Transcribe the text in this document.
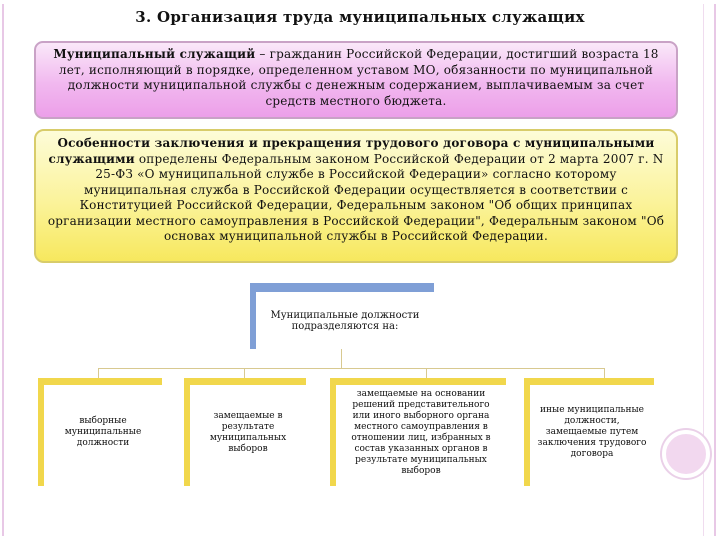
3. Организация труда муниципальных служащих
Муниципальный служащий – гражданин Российской Федерации, достигший возраста 18 лет, исполняющий в порядке, определенном уставом МО, обязанности по муниципальной должности муниципальной службы с денежным содержанием, выплачиваемым за счет средств местного бюджета.
Особенности заключения и прекращения трудового договора с муниципальными служащими определены Федеральным законом Российской Федерации от 2 марта 2007 г. N 25-ФЗ «О муниципальной службе в Российской Федерации» согласно которому муниципальная служба в Российской Федерации осуществляется в соответствии с Конституцией Российской Федерации, Федеральным законом "Об общих принципах организации местного самоуправления в Российской Федерации", Федеральным законом "Об основах муниципальной службы в Российской Федерации.
Муниципальные должности подразделяются на:
выборные муниципальные должности
замещаемые в результате муниципальных выборов
замещаемые на основании решений представительного или иного выборного органа местного самоуправления в отношении лиц, избранных в состав указанных органов в результате муниципальных выборов
иные муниципальные должности, замещаемые путем заключения трудового договора
